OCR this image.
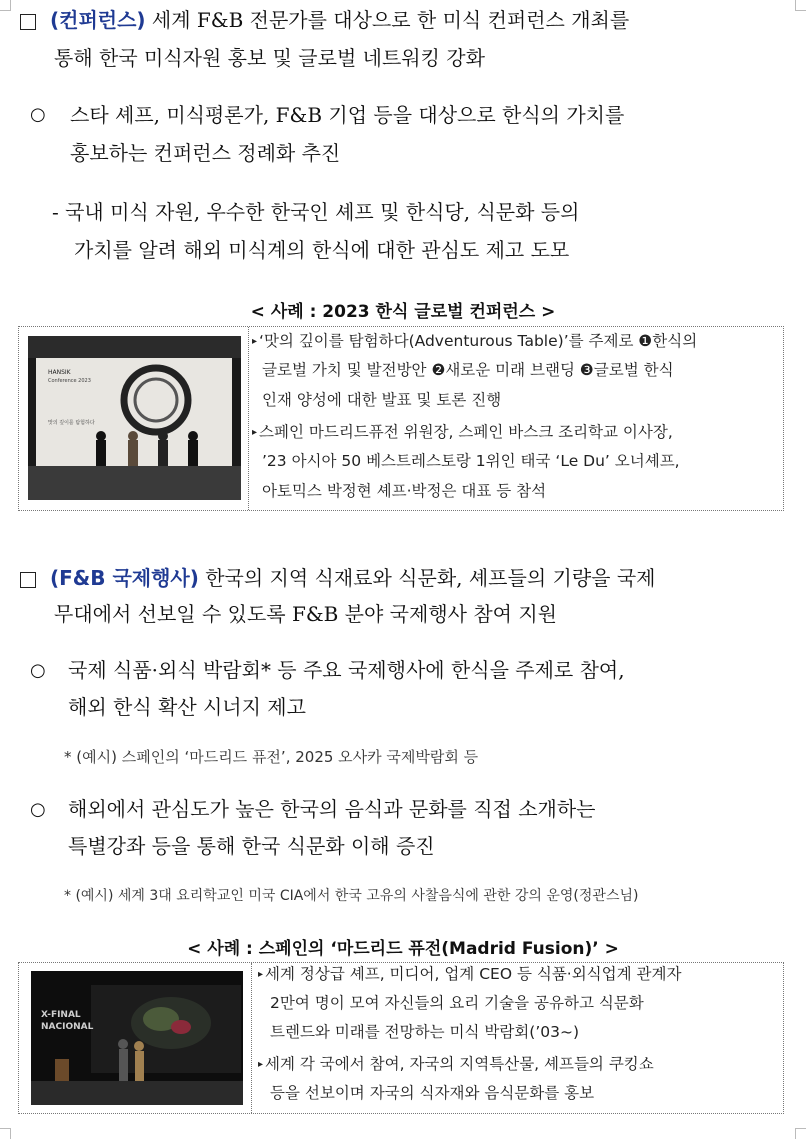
(컨퍼런스) 세계 F&B 전문가를 대상으로 한 미식 컨퍼런스 개최를
통해 한국 미식자원 홍보 및 글로벌 네트워킹 강화
○ 스타 셰프, 미식평론가, F&B 기업 등을 대상으로 한식의 가치를
홍보하는 컨퍼런스 정례화 추진
- 국내 미식 자원, 우수한 한국인 셰프 및 한식당, 식문화 등의
가치를 알려 해외 미식계의 한식에 대한 관심도 제고 도모
< 사례 : 2023 한식 글로벌 컨퍼런스 >
HANSIK
Conference 2023
맛의 깊이를 탐험하다
▸ ‘맛의 깊이를 탐험하다(Adventurous Table)’를 주제로 ❶한식의
글로벌 가치 및 발전방안 ❷새로운 미래 브랜딩 ❸글로벌 한식
인재 양성에 대한 발표 및 토론 진행
▸ 스페인 마드리드퓨전 위원장, 스페인 바스크 조리학교 이사장,
’23 아시아 50 베스트레스토랑 1위인 태국 ‘Le Du’ 오너셰프,
아토믹스 박정현 셰프·박정은 대표 등 참석
(F&B 국제행사) 한국의 지역 식재료와 식문화, 셰프들의 기량을 국제
무대에서 선보일 수 있도록 F&B 분야 국제행사 참여 지원
○ 국제 식품·외식 박람회* 등 주요 국제행사에 한식을 주제로 참여,
해외 한식 확산 시너지 제고
* (예시) 스페인의 ‘마드리드 퓨전’, 2025 오사카 국제박람회 등
○ 해외에서 관심도가 높은 한국의 음식과 문화를 직접 소개하는
특별강좌 등을 통해 한국 식문화 이해 증진
* (예시) 세계 3대 요리학교인 미국 CIA에서 한국 고유의 사찰음식에 관한 강의 운영(정관스님)
< 사례 : 스페인의 ‘마드리드 퓨전(Madrid Fusion)’ >
X-FINAL
NACIONAL
▸ 세계 정상급 셰프, 미디어, 업계 CEO 등 식품·외식업계 관계자
2만여 명이 모여 자신들의 요리 기술을 공유하고 식문화
트렌드와 미래를 전망하는 미식 박람회(’03~)
▸ 세계 각 국에서 참여, 자국의 지역특산물, 셰프들의 쿠킹쇼
등을 선보이며 자국의 식자재와 음식문화를 홍보
